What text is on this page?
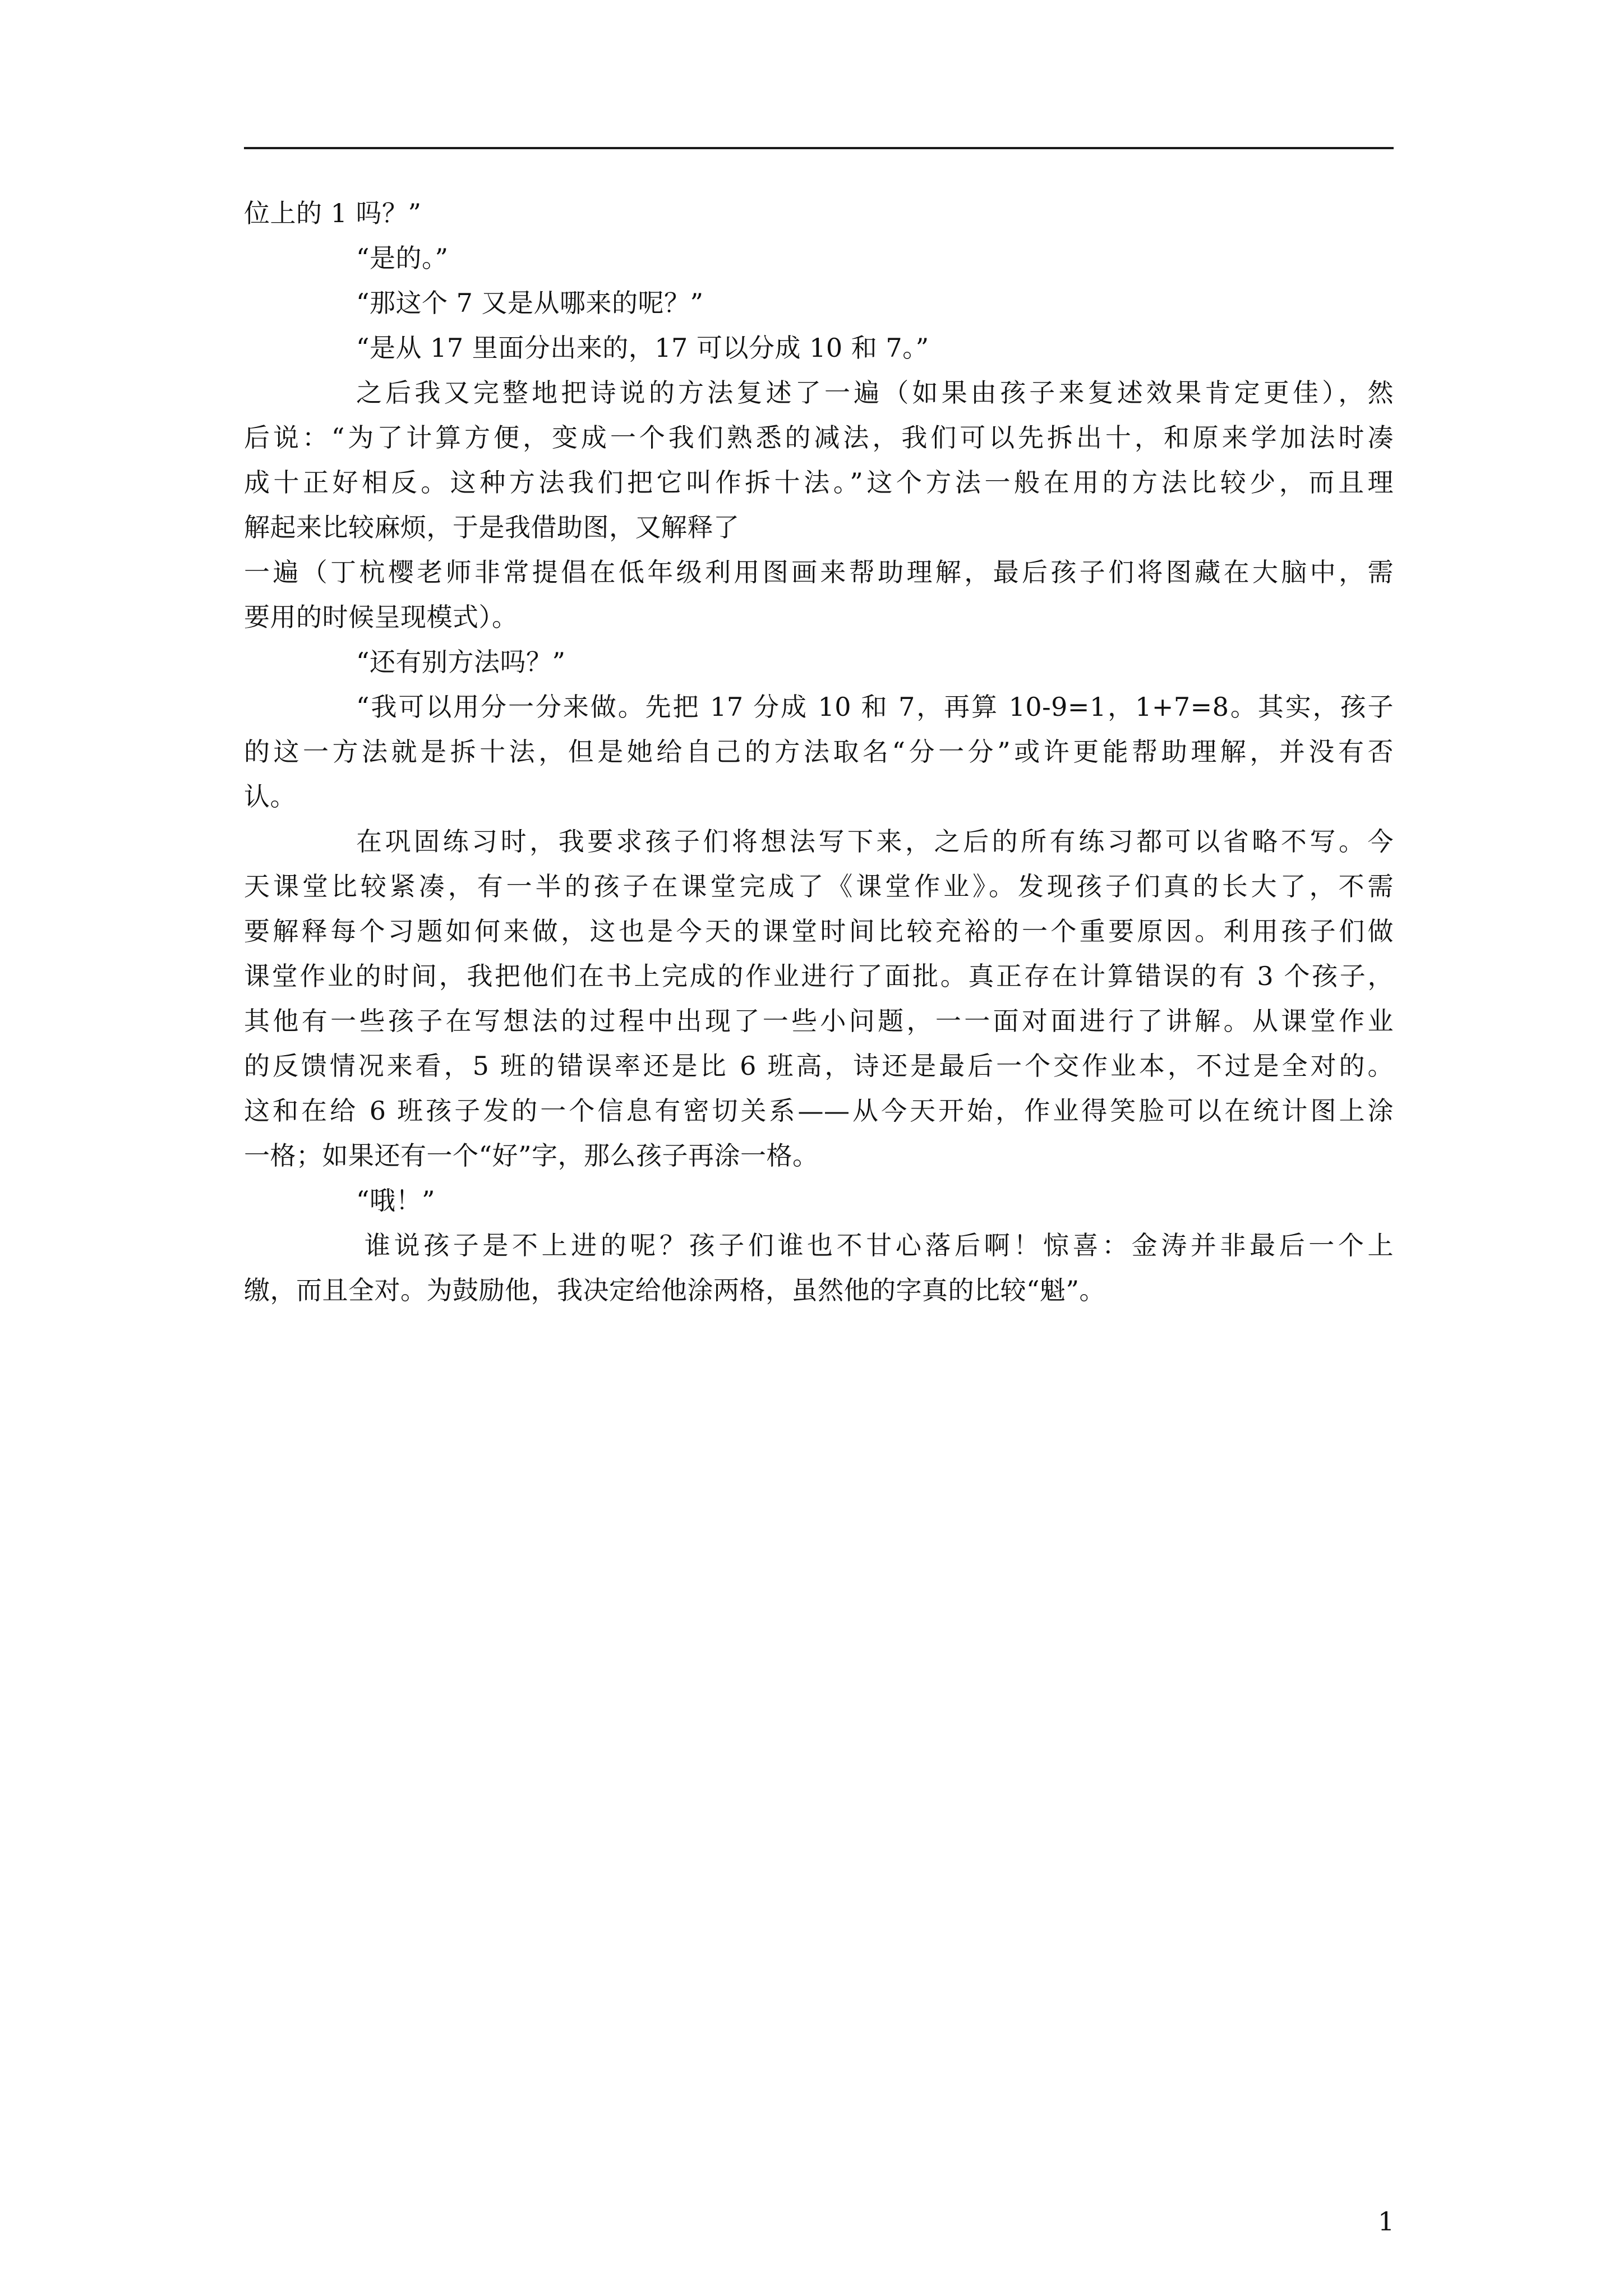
位上的 1 吗？”
“是的。”
“那这个 7 又是从哪来的呢？”
“是从 17 里面分出来的，17 可以分成 10 和 7。”
之后我又完整地把诗说的方法复述了一遍（如果由孩子来复述效果肯定更佳），然
后说：“为了计算方便，变成一个我们熟悉的减法，我们可以先拆出十，和原来学加法时凑
成十正好相反。这种方法我们把它叫作拆十法。”这个方法一般在用的方法比较少，而且理
解起来比较麻烦，于是我借助图，又解释了
一遍（丁杭樱老师非常提倡在低年级利用图画来帮助理解，最后孩子们将图藏在大脑中，需
要用的时候呈现模式）。
“还有别方法吗？”
“我可以用分一分来做。先把 17 分成 10 和 7，再算 10-9=1，1+7=8。其实，孩子
的这一方法就是拆十法，但是她给自己的方法取名“分一分”或许更能帮助理解，并没有否
认。
在巩固练习时，我要求孩子们将想法写下来，之后的所有练习都可以省略不写。今
天课堂比较紧凑，有一半的孩子在课堂完成了《课堂作业》。发现孩子们真的长大了，不需
要解释每个习题如何来做，这也是今天的课堂时间比较充裕的一个重要原因。利用孩子们做
课堂作业的时间，我把他们在书上完成的作业进行了面批。真正存在计算错误的有 3 个孩子，
其他有一些孩子在写想法的过程中出现了一些小问题，一一面对面进行了讲解。从课堂作业
的反馈情况来看，5 班的错误率还是比 6 班高，诗还是最后一个交作业本，不过是全对的。
这和在给 6 班孩子发的一个信息有密切关系——从今天开始，作业得笑脸可以在统计图上涂
一格；如果还有一个“好”字，那么孩子再涂一格。
“哦！”
谁说孩子是不上进的呢？孩子们谁也不甘心落后啊！惊喜：金涛并非最后一个上
缴，而且全对。为鼓励他，我决定给他涂两格，虽然他的字真的比较“魁”。
1
